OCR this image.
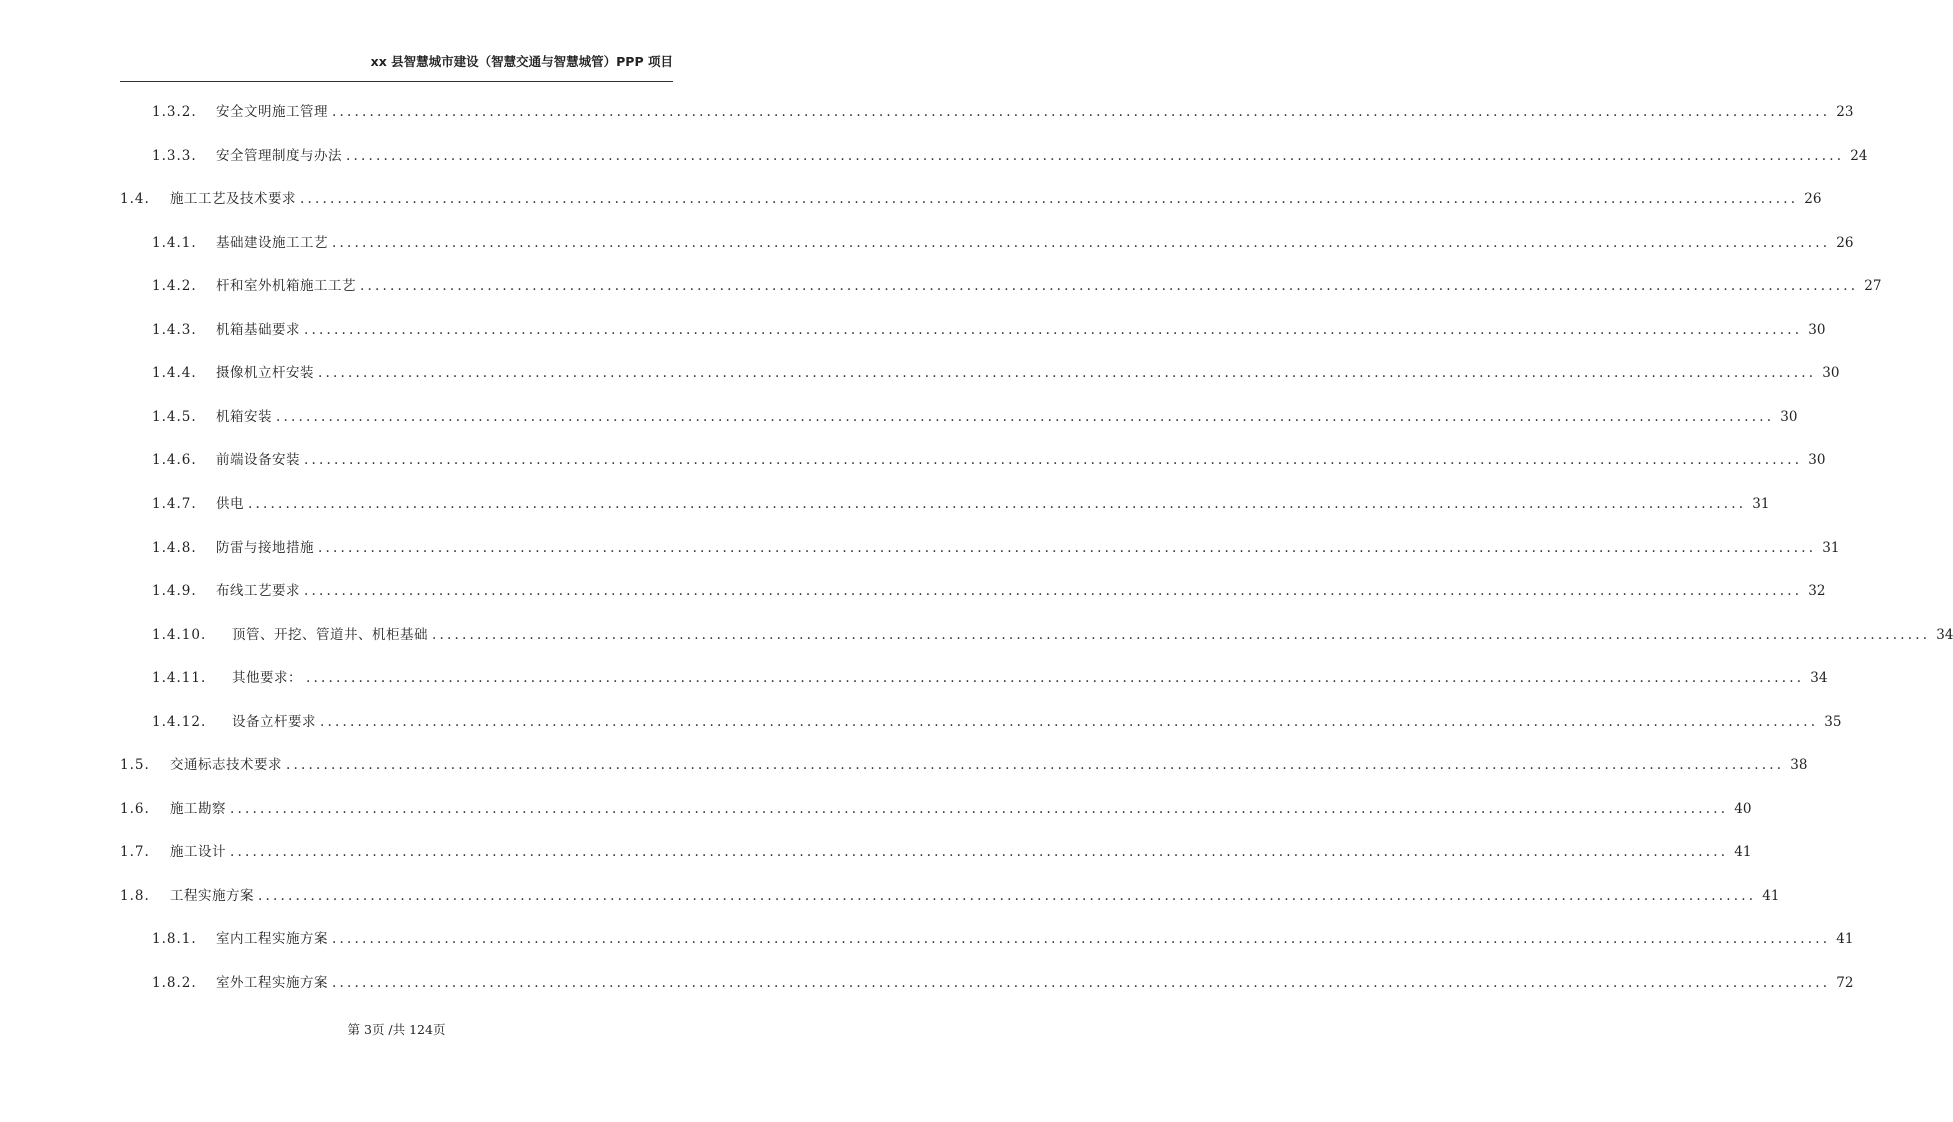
xx 县智慧城市建设（智慧交通与智慧城管）PPP 项目
1.3.2.	安全文明施工管理 ........................................................................................................................................................................................................ 23
1.3.3.	安全管理制度与办法 ........................................................................................................................................................................................................ 24
1.4.	施工工艺及技术要求 ........................................................................................................................................................................................................ 26
1.4.1.	基础建设施工工艺 ........................................................................................................................................................................................................ 26
1.4.2.	杆和室外机箱施工工艺 ........................................................................................................................................................................................................ 27
1.4.3.	机箱基础要求 ........................................................................................................................................................................................................ 30
1.4.4.	摄像机立杆安装 ........................................................................................................................................................................................................ 30
1.4.5.	机箱安装 ........................................................................................................................................................................................................ 30
1.4.6.	前端设备安装 ........................................................................................................................................................................................................ 30
1.4.7.	供电 ........................................................................................................................................................................................................ 31
1.4.8.	防雷与接地措施 ........................................................................................................................................................................................................ 31
1.4.9.	布线工艺要求 ........................................................................................................................................................................................................ 32
1.4.10.	顶管、开挖、管道井、机柜基础 ........................................................................................................................................................................................................ 34
1.4.11.	其他要求： ........................................................................................................................................................................................................ 34
1.4.12.	设备立杆要求 ........................................................................................................................................................................................................ 35
1.5.	交通标志技术要求 ........................................................................................................................................................................................................ 38
1.6.	施工勘察 ........................................................................................................................................................................................................ 40
1.7.	施工设计 ........................................................................................................................................................................................................ 41
1.8.	工程实施方案 ........................................................................................................................................................................................................ 41
1.8.1.	室内工程实施方案 ........................................................................................................................................................................................................ 41
1.8.2.	室外工程实施方案 ........................................................................................................................................................................................................ 72
第 3页 /共 124页
